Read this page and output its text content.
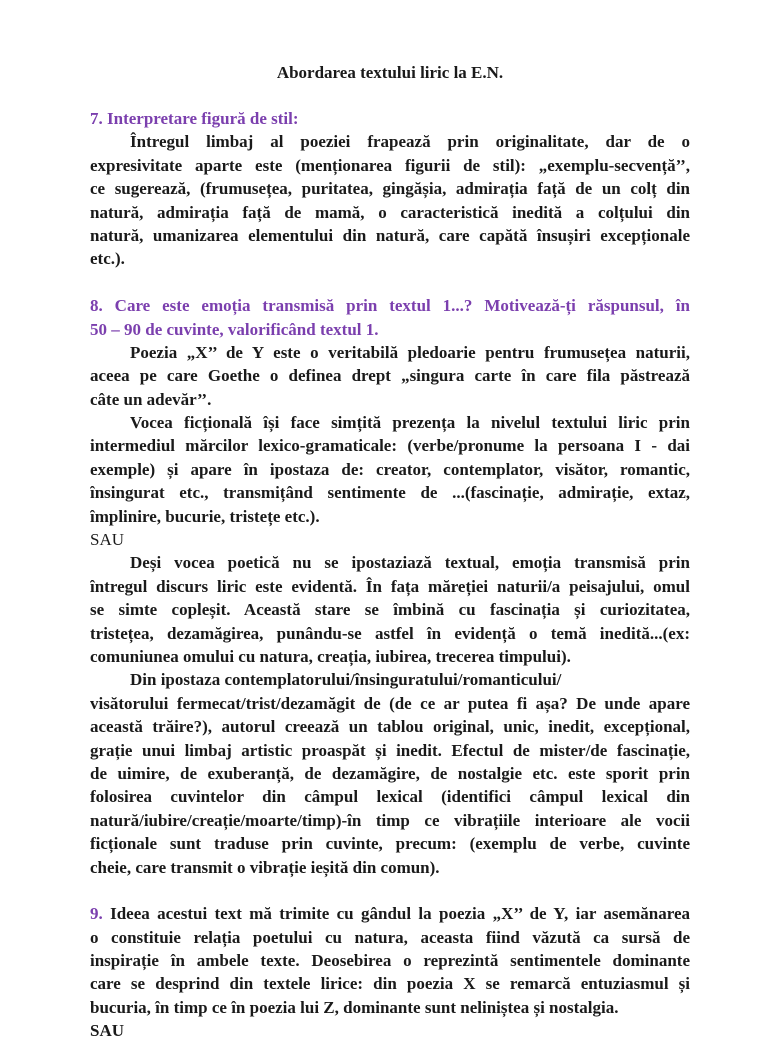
Abordarea textului liric la E.N.
7. Interpretare figură de stil:
Întregul limbaj al poeziei frapează prin originalitate, dar de o
expresivitate aparte este (menționarea figurii de stil): „exemplu-secvență’’,
ce sugerează, (frumusețea, puritatea, gingășia, admirația față de un colț din
natură, admirația față de mamă, o caracteristică inedită a colțului din
natură, umanizarea elementului din natură, care capătă însușiri excepționale
etc.).
8. Care este emoția transmisă prin textul 1...? Motivează-ți răspunsul, în
50 – 90 de cuvinte, valorificând textul 1.
Poezia „X’’ de Y este o veritabilă pledoarie pentru frumusețea naturii,
aceea pe care Goethe o definea drept „singura carte în care fila păstrează
câte un adevăr’’.
Vocea ficțională își face simțită prezența la nivelul textului liric prin
intermediul mărcilor lexico-gramaticale: (verbe/pronume la persoana I - dai
exemple) și apare în ipostaza de: creator, contemplator, visător, romantic,
însingurat etc., transmițând sentimente de ...(fascinație, admirație, extaz,
împlinire, bucurie, tristețe etc.).
SAU
Deși vocea poetică nu se ipostaziază textual, emoția transmisă prin
întregul discurs liric este evidentă. În fața măreției naturii/a peisajului, omul
se simte copleșit. Această stare se îmbină cu fascinația și curiozitatea,
tristețea, dezamăgirea, punându-se astfel în evidență o temă inedită...(ex:
comuniunea omului cu natura, creația, iubirea, trecerea timpului).
Din ipostaza contemplatorului/însinguratului/romanticului/
visătorului fermecat/trist/dezamăgit de (de ce ar putea fi așa? De unde apare
această trăire?), autorul creează un tablou original, unic, inedit, excepțional,
grație unui limbaj artistic proaspăt și inedit. Efectul de mister/de fascinație,
de uimire, de exuberanță, de dezamăgire, de nostalgie etc. este sporit prin
folosirea cuvintelor din câmpul lexical (identifici câmpul lexical din
natură/iubire/creație/moarte/timp)-în timp ce vibrațiile interioare ale vocii
ficționale sunt traduse prin cuvinte, precum: (exemplu de verbe, cuvinte
cheie, care transmit o vibrație ieșită din comun).
9. Ideea acestui text mă trimite cu gândul la poezia „X’’ de Y, iar asemănarea
o constituie relația poetului cu natura, aceasta fiind văzută ca sursă de
inspirație în ambele texte. Deosebirea o reprezintă sentimentele dominante
care se desprind din textele lirice: din poezia X se remarcă entuziasmul și
bucuria, în timp ce în poezia lui Z, dominante sunt neliniștea și nostalgia.
SAU
